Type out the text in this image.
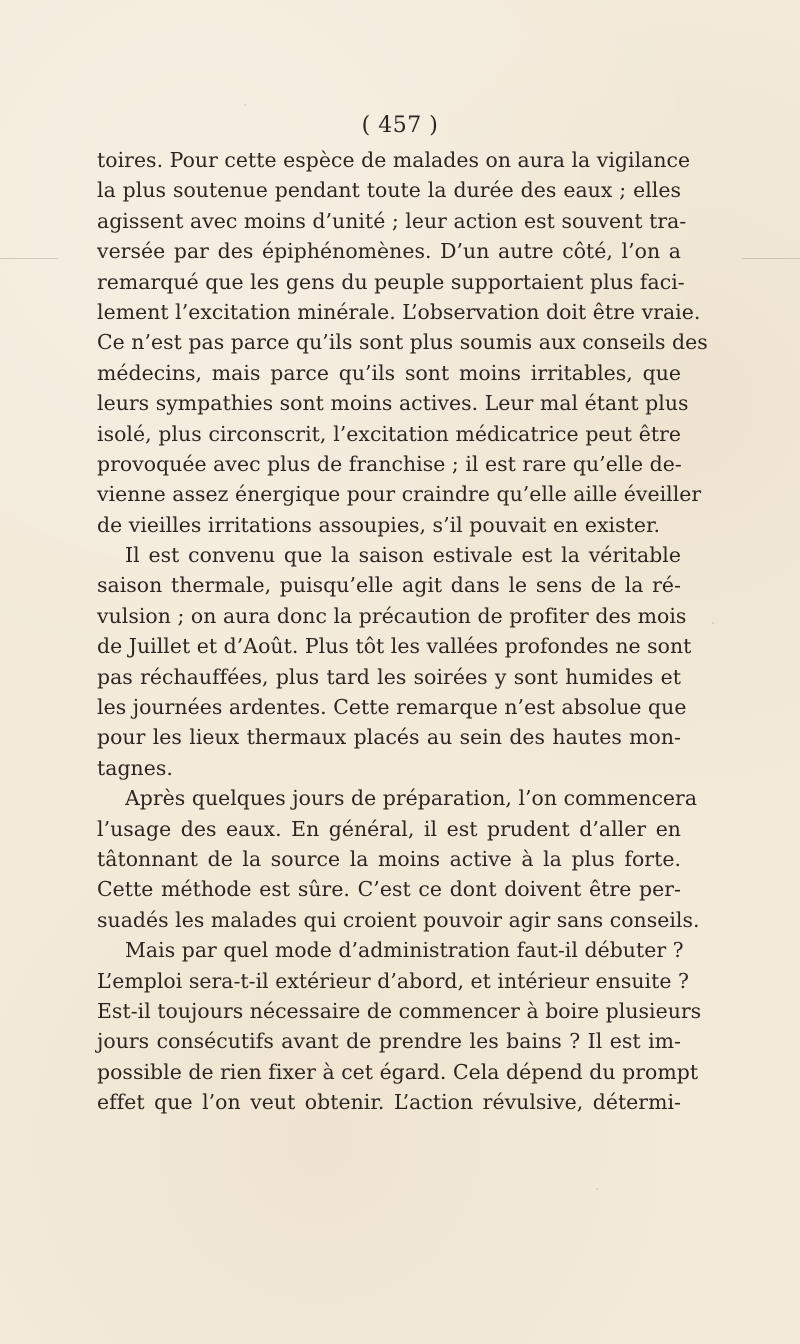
( 457 )
toires. Pour cette espèce de malades on aura la vigilance
la plus soutenue pendant toute la durée des eaux ; elles
agissent avec moins d’unité ; leur action est souvent tra-
versée par des épiphénomènes. D’un autre côté, l’on a
remarqué que les gens du peuple supportaient plus faci-
lement l’excitation minérale. L’observation doit être vraie.
Ce n’est pas parce qu’ils sont plus soumis aux conseils des
médecins, mais parce qu’ils sont moins irritables, que
leurs sympathies sont moins actives. Leur mal étant plus
isolé, plus circonscrit, l’excitation médicatrice peut être
provoquée avec plus de franchise ; il est rare qu’elle de-
vienne assez énergique pour craindre qu’elle aille éveiller
de vieilles irritations assoupies, s’il pouvait en exister.
Il est convenu que la saison estivale est la véritable
saison thermale, puisqu’elle agit dans le sens de la ré-
vulsion ; on aura donc la précaution de profiter des mois
de Juillet et d’Août. Plus tôt les vallées profondes ne sont
pas réchauffées, plus tard les soirées y sont humides et
les journées ardentes. Cette remarque n’est absolue que
pour les lieux thermaux placés au sein des hautes mon-
tagnes.
Après quelques jours de préparation, l’on commencera
l’usage des eaux. En général, il est prudent d’aller en
tâtonnant de la source la moins active à la plus forte.
Cette méthode est sûre. C’est ce dont doivent être per-
suadés les malades qui croient pouvoir agir sans conseils.
Mais par quel mode d’administration faut-il débuter ?
L’emploi sera-t-il extérieur d’abord, et intérieur ensuite ?
Est-il toujours nécessaire de commencer à boire plusieurs
jours consécutifs avant de prendre les bains ? Il est im-
possible de rien fixer à cet égard. Cela dépend du prompt
effet que l’on veut obtenir. L’action révulsive, détermi-
